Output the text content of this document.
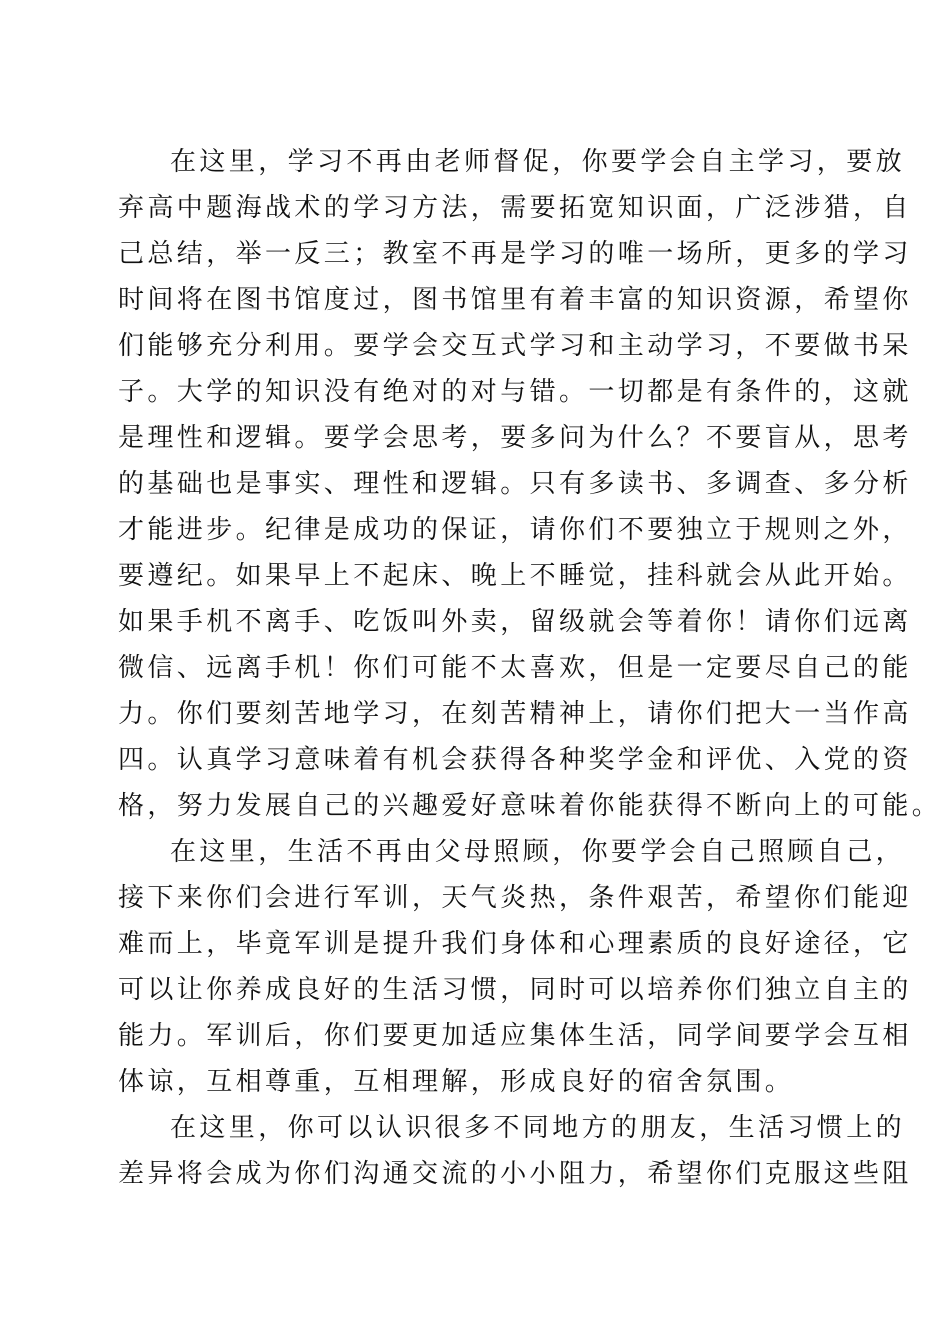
在这里，学习不再由老师督促，你要学会自主学习，要放
弃高中题海战术的学习方法，需要拓宽知识面，广泛涉猎，自
己总结，举一反三；教室不再是学习的唯一场所，更多的学习
时间将在图书馆度过，图书馆里有着丰富的知识资源，希望你
们能够充分利用。要学会交互式学习和主动学习，不要做书呆
子。大学的知识没有绝对的对与错。一切都是有条件的，这就
是理性和逻辑。要学会思考，要多问为什么？不要盲从，思考
的基础也是事实、理性和逻辑。只有多读书、多调查、多分析
才能进步。纪律是成功的保证，请你们不要独立于规则之外，
要遵纪。如果早上不起床、晚上不睡觉，挂科就会从此开始。
如果手机不离手、吃饭叫外卖，留级就会等着你！请你们远离
微信、远离手机！你们可能不太喜欢，但是一定要尽自己的能
力。你们要刻苦地学习，在刻苦精神上，请你们把大一当作高
四。认真学习意味着有机会获得各种奖学金和评优、入党的资
格，努力发展自己的兴趣爱好意味着你能获得不断向上的可能。
在这里，生活不再由父母照顾，你要学会自己照顾自己，
接下来你们会进行军训，天气炎热，条件艰苦，希望你们能迎
难而上，毕竟军训是提升我们身体和心理素质的良好途径，它
可以让你养成良好的生活习惯，同时可以培养你们独立自主的
能力。军训后，你们要更加适应集体生活，同学间要学会互相
体谅，互相尊重，互相理解，形成良好的宿舍氛围。
在这里，你可以认识很多不同地方的朋友，生活习惯上的
差异将会成为你们沟通交流的小小阻力，希望你们克服这些阻
